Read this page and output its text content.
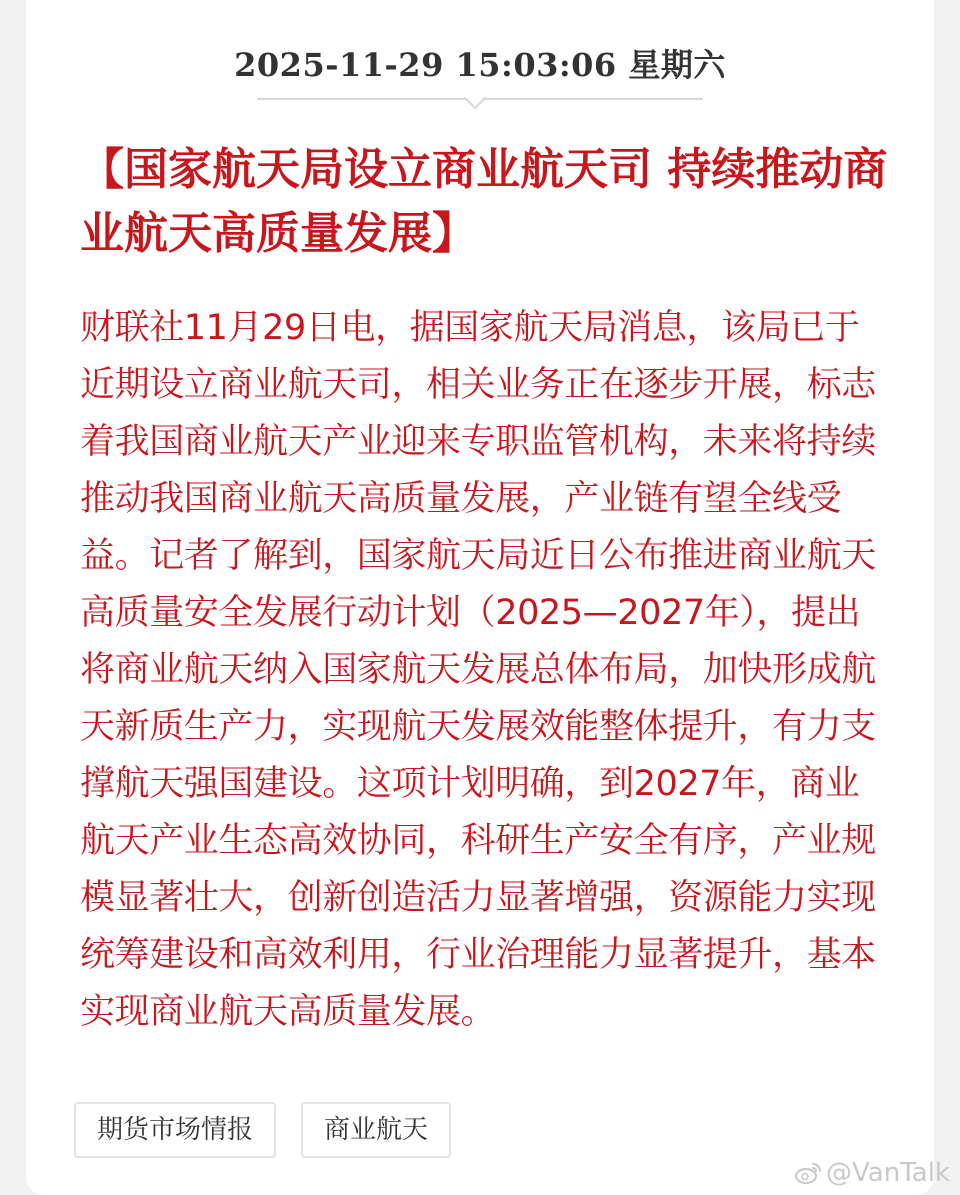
2025-11-29 15:03:06 星期六
【国家航天局设立商业航天司 持续推动商业航天高质量发展】

财联社11月29日电，据国家航天局消息，该局已于近期设立商业航天司，相关业务正在逐步开展，标志着我国商业航天产业迎来专职监管机构，未来将持续推动我国商业航天高质量发展，产业链有望全线受益。记者了解到，国家航天局近日公布推进商业航天高质量安全发展行动计划（2025—2027年），提出将商业航天纳入国家航天发展总体布局，加快形成航天新质生产力，实现航天发展效能整体提升，有力支撑航天强国建设。这项计划明确，到2027年，商业航天产业生态高效协同，科研生产安全有序，产业规模显著壮大，创新创造活力显著增强，资源能力实现统筹建设和高效利用，行业治理能力显著提升，基本实现商业航天高质量发展。

期货市场情报	商业航天
@VanTalk
